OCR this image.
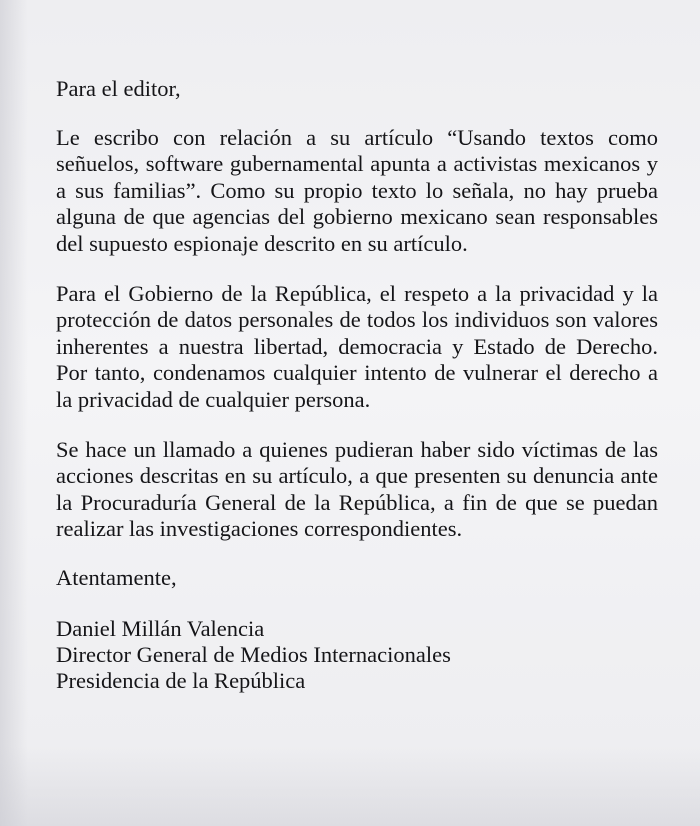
Para el editor,

Le escribo con relación a su artículo “Usando textos como señuelos, software gubernamental apunta a activistas mexicanos y a sus familias”. Como su propio texto lo señala, no hay prueba alguna de que agencias del gobierno mexicano sean responsables del supuesto espionaje descrito en su artículo.

Para el Gobierno de la República, el respeto a la privacidad y la protección de datos personales de todos los individuos son valores inherentes a nuestra libertad, democracia y Estado de Derecho. Por tanto, condenamos cualquier intento de vulnerar el derecho a la privacidad de cualquier persona.

Se hace un llamado a quienes pudieran haber sido víctimas de las acciones descritas en su artículo, a que presenten su denuncia ante la Procuraduría General de la República, a fin de que se puedan realizar las investigaciones correspondientes.

Atentamente,

Daniel Millán Valencia

Director General de Medios Internacionales

Presidencia de la República
